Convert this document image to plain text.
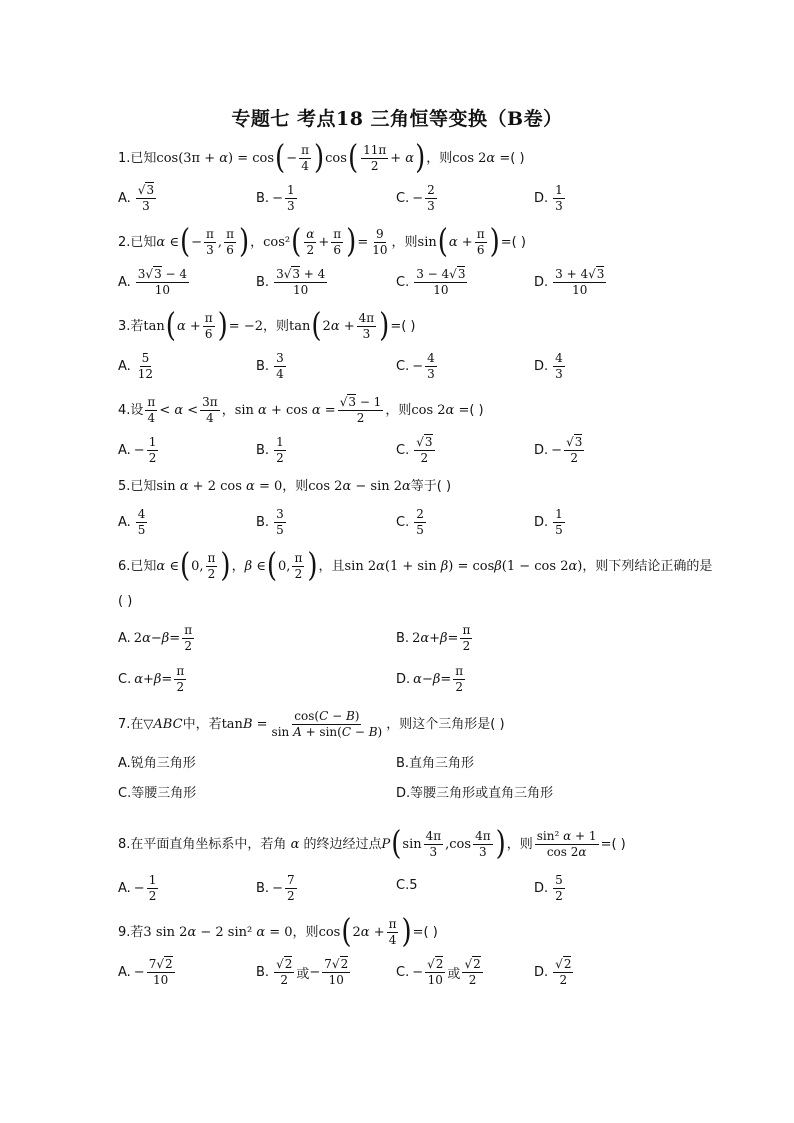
专题七 考点18 三角恒等变换（B卷）
1. 已知 cos(3π + α) = cos ( − $\frac{\pi}{4}$ ) cos ( $\frac{11\pi}{2} + \alpha$ ) ，则 cos 2α = ( )
A. $\frac{√3}{3}$	B. − $\frac{1}{3}$	C. − $\frac{2}{3}$	D. $\frac{1}{3}$
2. 已知 α ∈ ( − $\frac{\pi}{3}$ , $\frac{\pi}{6}$ ) ，cos² ( $\frac{\alpha}{2} + \frac{\pi}{6}$ ) = $\frac{9}{10}$ ，则 sin ( $\alpha + \frac{\pi}{6}$ ) = ( )
A. $\frac{3√3 - 4}{10}$	B. $\frac{3√3 + 4}{10}$	C. $\frac{3 - 4√3}{10}$	D. $\frac{3 + 4√3}{10}$
3. 若 tan ( $\alpha + \frac{\pi}{6}$ ) = −2 ，则 tan ( $2\alpha + \frac{4\pi}{3}$ ) = ( )
A. $\frac{5}{12}$	B. $\frac{3}{4}$	C. − $\frac{4}{3}$	D. $\frac{4}{3}$
4. 设 $\frac{\pi}{4} < \alpha < \frac{3\pi}{4}$ ，$\sin \alpha + \cos \alpha = \frac{√3 - 1}{2}$ ，则 cos 2α = ( )
A. − $\frac{1}{2}$	B. $\frac{1}{2}$	C. $\frac{√3}{2}$	D. − $\frac{√3}{2}$
5. 已知 sin α + 2 cos α = 0 ，则 cos 2α − sin 2α 等于( )
A. $\frac{4}{5}$	B. $\frac{3}{5}$	C. $\frac{2}{5}$	D. $\frac{1}{5}$
6. 已知 α ∈ ( 0, $\frac{\pi}{2}$ ) ，β ∈ ( 0, $\frac{\pi}{2}$ ) ，且 sin 2α(1 + sin β) = cosβ(1 − cos 2α) ，则下列结论正确的是
( )
A. 2 $\alpha - \beta = \frac{\pi}{2}$	B. 2 $\alpha + \beta = \frac{\pi}{2}$
C. $\alpha + \beta = \frac{\pi}{2}$	D. $\alpha - \beta = \frac{\pi}{2}$
7. 在 ▽ABC 中，若 $\tan B = \frac{\cos(C - B)}{\text{sin A + sin(C − B)}}$ ，则这个三角形是( )
A.锐角三角形	B.直角三角形
C.等腰三角形	D.等腰三角形或直角三角形
8. 在平面直角坐标系中，若角 α 的终边经过点 P ( $\sin \frac{4\pi}{3} ,\cos \frac{4\pi}{3}$ ) ，则 $\frac{\text{sin² α + 1}}{\cos 2\alpha}$ = ( )
A. − $\frac{1}{2}$	B. − $\frac{7}{2}$	C.5	D. $\frac{5}{2}$
9. 若 3 sin 2α − 2 sin² α = 0 ，则 cos ( $2\alpha + \frac{\pi}{4}$ ) = ( )
A. − $\frac{7√2}{10}$	B. $\frac{√2}{2}$ 或 − $\frac{7√2}{10}$	C. − $\frac{√2}{10}$ 或 $\frac{√2}{2}$	D. $\frac{√2}{2}$
